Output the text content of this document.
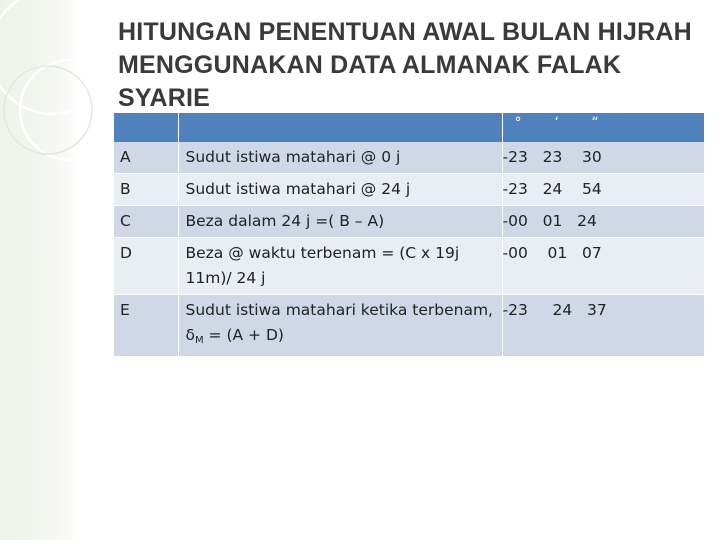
HITUNGAN PENENTUAN AWAL BULAN HIJRAH MENGGUNAKAN DATA ALMANAK FALAK SYARIE

		° ‘ “

A	Sudut istiwa matahari @ 0 j	-23   23    30
B	Sudut istiwa matahari @ 24 j	-23   24    54
C	Beza dalam 24 j =( B – A)	-00   01   24
D	Beza @ waktu terbenam = (C x 19j 11m)/ 24 j	-00    01   07
E	Sudut istiwa matahari ketika terbenam, $\delta_M = (A + D)$	-23     24   37
